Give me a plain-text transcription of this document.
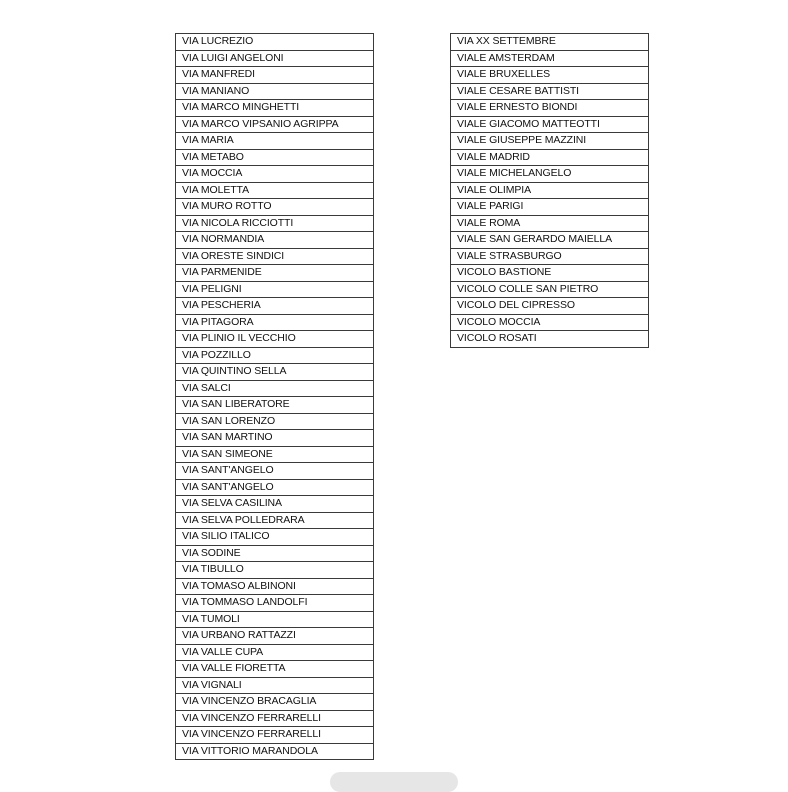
VIA LUCREZIO
VIA LUIGI ANGELONI
VIA MANFREDI
VIA MANIANO
VIA MARCO MINGHETTI
VIA MARCO VIPSANIO AGRIPPA
VIA MARIA
VIA METABO
VIA MOCCIA
VIA MOLETTA
VIA MURO ROTTO
VIA NICOLA RICCIOTTI
VIA NORMANDIA
VIA ORESTE SINDICI
VIA PARMENIDE
VIA PELIGNI
VIA PESCHERIA
VIA PITAGORA
VIA PLINIO IL VECCHIO
VIA POZZILLO
VIA QUINTINO SELLA
VIA SALCI
VIA SAN LIBERATORE
VIA SAN LORENZO
VIA SAN MARTINO
VIA SAN SIMEONE
VIA SANT'ANGELO
VIA SANT'ANGELO
VIA SELVA CASILINA
VIA SELVA POLLEDRARA
VIA SILIO ITALICO
VIA SODINE
VIA TIBULLO
VIA TOMASO ALBINONI
VIA TOMMASO LANDOLFI
VIA TUMOLI
VIA URBANO RATTAZZI
VIA VALLE CUPA
VIA VALLE FIORETTA
VIA VIGNALI
VIA VINCENZO BRACAGLIA
VIA VINCENZO FERRARELLI
VIA VINCENZO FERRARELLI
VIA VITTORIO MARANDOLA
VIA XX SETTEMBRE
VIALE AMSTERDAM
VIALE BRUXELLES
VIALE CESARE BATTISTI
VIALE ERNESTO BIONDI
VIALE GIACOMO MATTEOTTI
VIALE GIUSEPPE MAZZINI
VIALE MADRID
VIALE MICHELANGELO
VIALE OLIMPIA
VIALE PARIGI
VIALE ROMA
VIALE SAN GERARDO MAIELLA
VIALE STRASBURGO
VICOLO BASTIONE
VICOLO COLLE SAN PIETRO
VICOLO DEL CIPRESSO
VICOLO MOCCIA
VICOLO ROSATI
